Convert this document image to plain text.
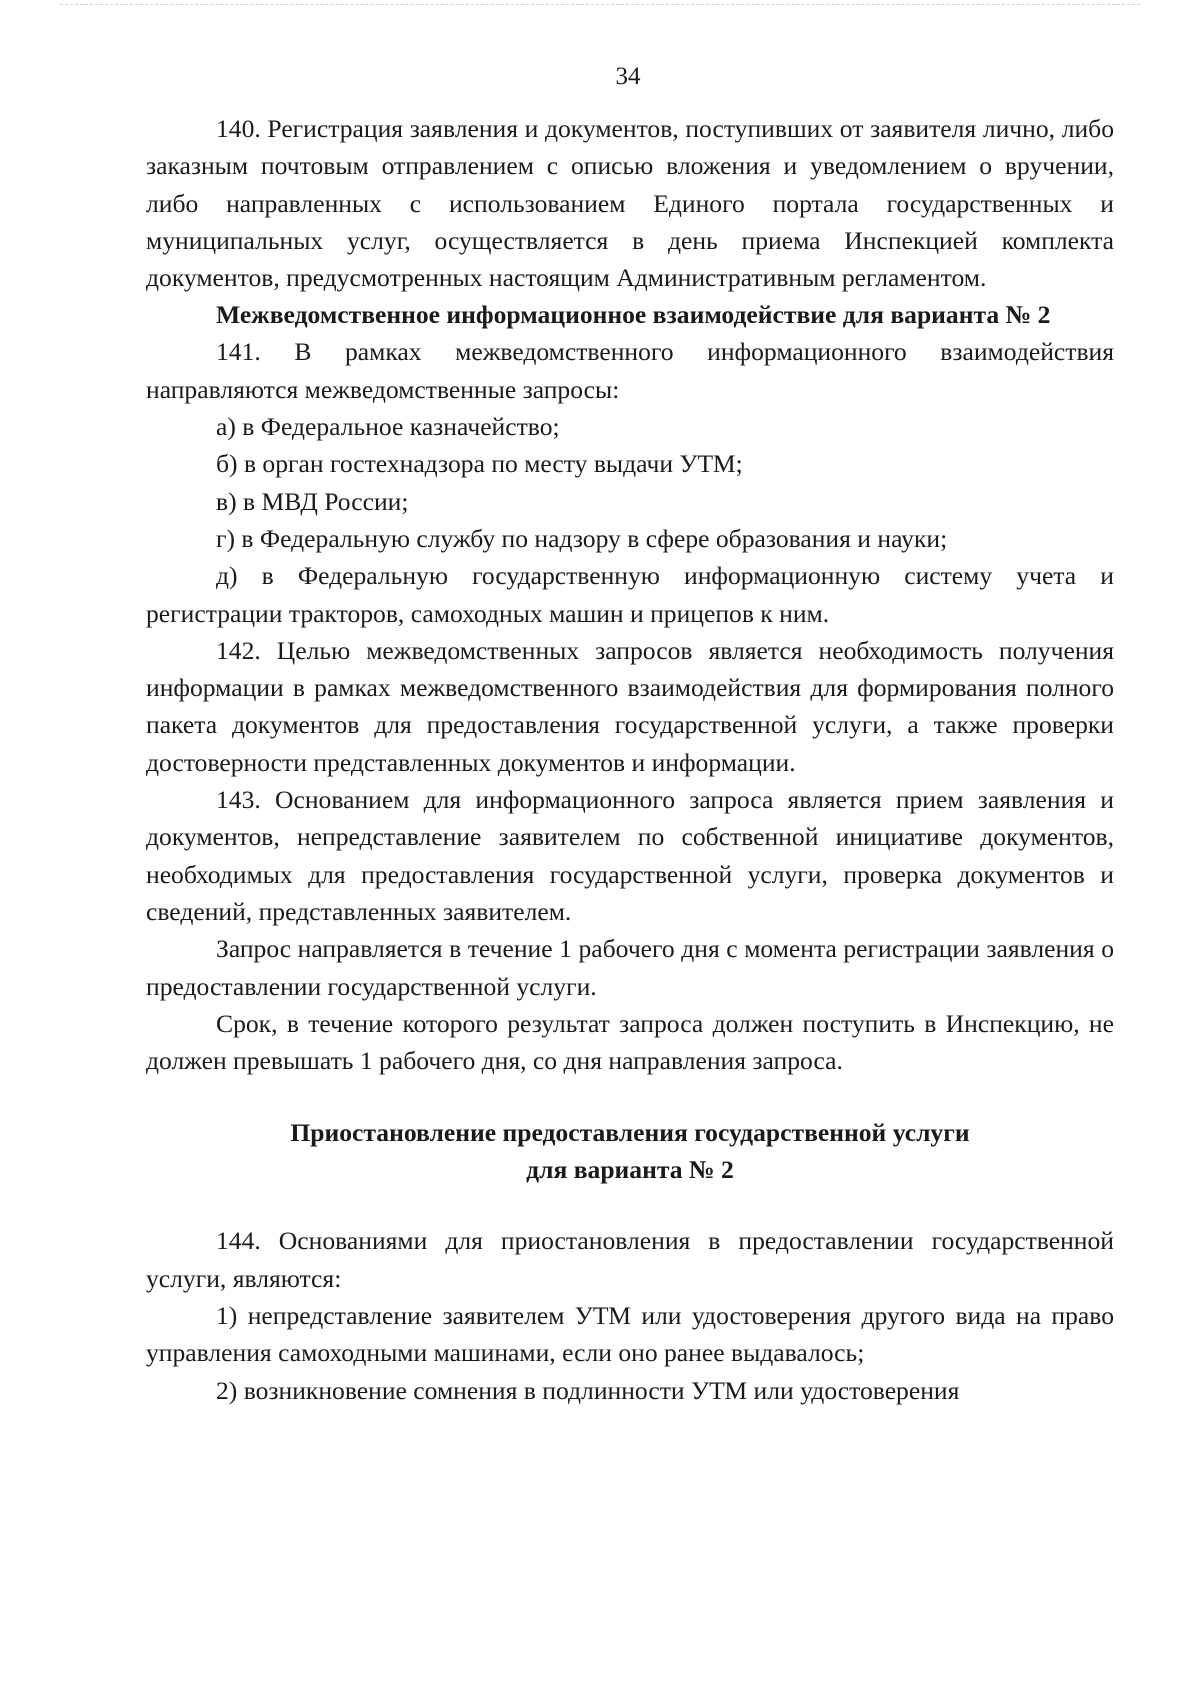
34

140. Регистрация заявления и документов, поступивших от заявителя лично, либо заказным почтовым отправлением с описью вложения и уведомлением о вручении, либо направленных с использованием Единого портала государственных и муниципальных услуг, осуществляется в день приема Инспекцией комплекта документов, предусмотренных настоящим Административным регламентом.

Межведомственное информационное взаимодействие для варианта № 2

141. В рамках межведомственного информационного взаимодействия направляются межведомственные запросы:

а) в Федеральное казначейство;

б) в орган гостехнадзора по месту выдачи УТМ;

в) в МВД России;

г) в Федеральную службу по надзору в сфере образования и науки;

д) в Федеральную государственную информационную систему учета и регистрации тракторов, самоходных машин и прицепов к ним.

142. Целью межведомственных запросов является необходимость получения информации в рамках межведомственного взаимодействия для формирования полного пакета документов для предоставления государственной услуги, а также проверки достоверности представленных документов и информации.

143. Основанием для информационного запроса является прием заявления и документов, непредставление заявителем по собственной инициативе документов, необходимых для предоставления государственной услуги, проверка документов и сведений, представленных заявителем.

Запрос направляется в течение 1 рабочего дня с момента регистрации заявления о предоставлении государственной услуги.

Срок, в течение которого результат запроса должен поступить в Инспекцию, не должен превышать 1 рабочего дня, со дня направления запроса.

Приостановление предоставления государственной услуги
для варианта № 2

144. Основаниями для приостановления в предоставлении государственной услуги, являются:

1) непредставление заявителем УТМ или удостоверения другого вида на право управления самоходными машинами, если оно ранее выдавалось;

2) возникновение сомнения в подлинности УТМ или удостоверения
